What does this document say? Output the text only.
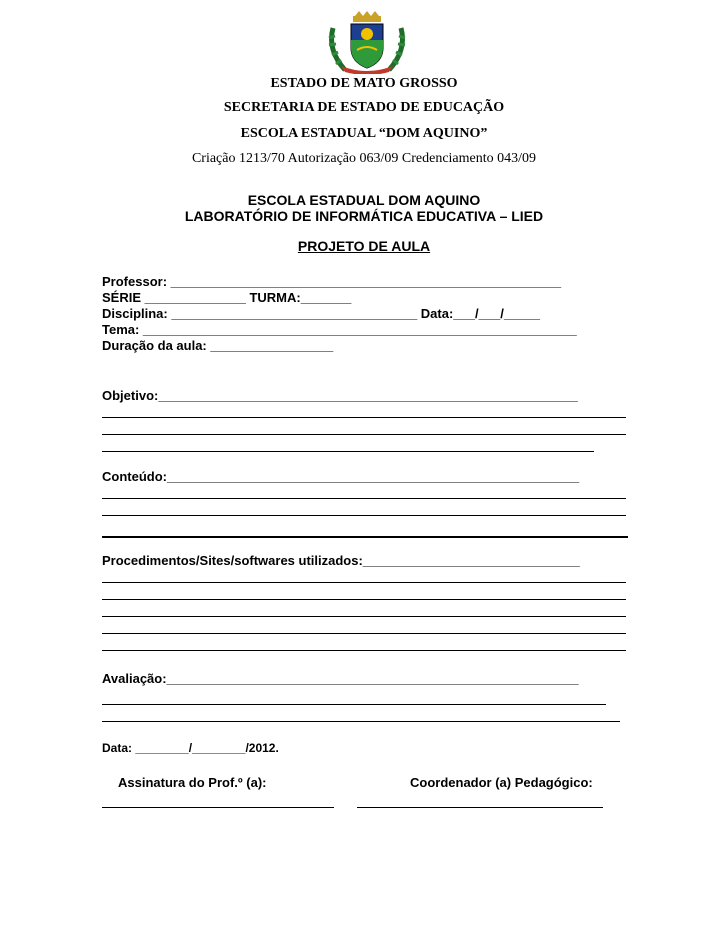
ESTADO DE MATO GROSSO
SECRETARIA DE ESTADO DE EDUCAÇÃO
ESCOLA ESTADUAL “DOM AQUINO”
Criação 1213/70 Autorização 063/09 Credenciamento 043/09
ESCOLA ESTADUAL DOM AQUINO
LABORATÓRIO DE INFORMÁTICA EDUCATIVA – LIED
PROJETO DE AULA
Professor: ______________________________________________________
SÉRIE ______________ TURMA:_______
Disciplina: __________________________________ Data:___/___/_____
Tema: ____________________________________________________________
Duração da aula: _________________
Objetivo:__________________________________________________________
Conteúdo:_________________________________________________________
Procedimentos/Sites/softwares utilizados:______________________________
Avaliação:_________________________________________________________
Data: ________/________/2012.
Assinatura do Prof.º (a):	Coordenador (a) Pedagógico:
